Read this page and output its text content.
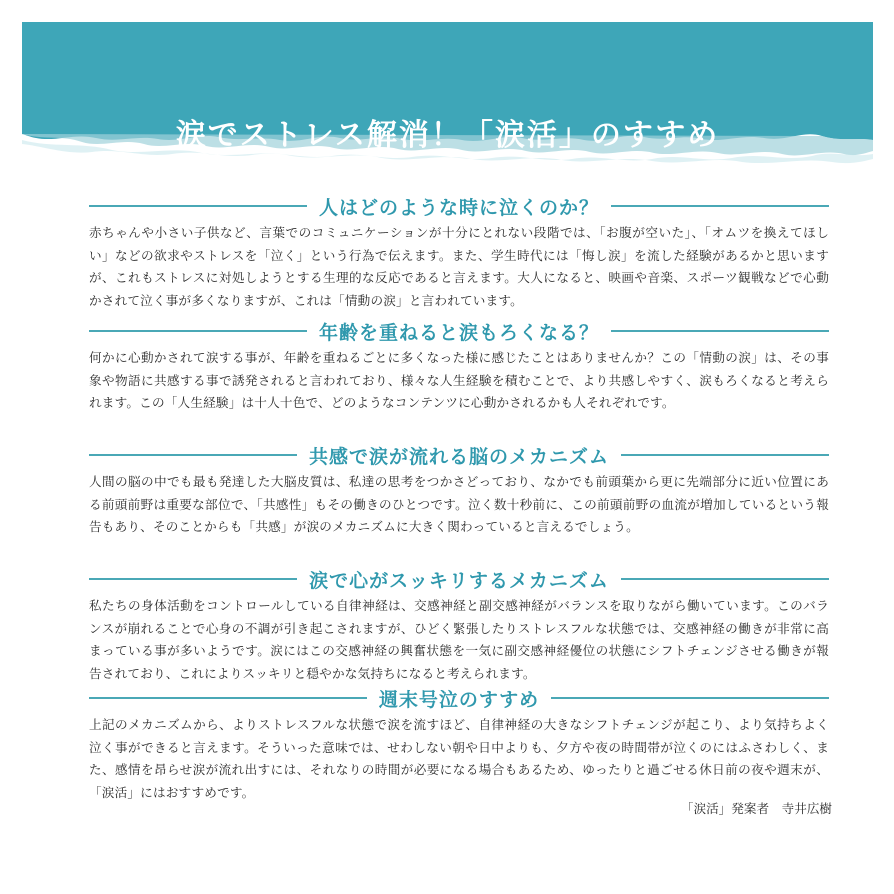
涙でストレス解消！「涙活」のすすめ
人はどのような時に泣くのか？
赤ちゃんや小さい子供など、言葉でのコミュニケーションが十分にとれない段階では、「お腹が空いた」、「オムツを換えてほしい」などの欲求やストレスを「泣く」という行為で伝えます。また、学生時代には「悔し涙」を流した経験があるかと思いますが、これもストレスに対処しようとする生理的な反応であると言えます。大人になると、映画や音楽、スポーツ観戦などで心動かされて泣く事が多くなりますが、これは「情動の涙」と言われています。
年齢を重ねると涙もろくなる？
何かに心動かされて涙する事が、年齢を重ねるごとに多くなった様に感じたことはありませんか？この「情動の涙」は、その事象や物語に共感する事で誘発されると言われており、様々な人生経験を積むことで、より共感しやすく、涙もろくなると考えられます。この「人生経験」は十人十色で、どのようなコンテンツに心動かされるかも人それぞれです。
共感で涙が流れる脳のメカニズム
人間の脳の中でも最も発達した大脳皮質は、私達の思考をつかさどっており、なかでも前頭葉から更に先端部分に近い位置にある前頭前野は重要な部位で、「共感性」もその働きのひとつです。泣く数十秒前に、この前頭前野の血流が増加しているという報告もあり、そのことからも「共感」が涙のメカニズムに大きく関わっていると言えるでしょう。
涙で心がスッキリするメカニズム
私たちの身体活動をコントロールしている自律神経は、交感神経と副交感神経がバランスを取りながら働いています。このバランスが崩れることで心身の不調が引き起こされますが、ひどく緊張したりストレスフルな状態では、交感神経の働きが非常に高まっている事が多いようです。涙にはこの交感神経の興奮状態を一気に副交感神経優位の状態にシフトチェンジさせる働きが報告されており、これによりスッキリと穏やかな気持ちになると考えられます。
週末号泣のすすめ
上記のメカニズムから、よりストレスフルな状態で涙を流すほど、自律神経の大きなシフトチェンジが起こり、より気持ちよく泣く事ができると言えます。そういった意味では、せわしない朝や日中よりも、夕方や夜の時間帯が泣くのにはふさわしく、また、感情を昂らせ涙が流れ出すには、それなりの時間が必要になる場合もあるため、ゆったりと過ごせる休日前の夜や週末が、「涙活」にはおすすめです。
「涙活」発案者　寺井広樹
